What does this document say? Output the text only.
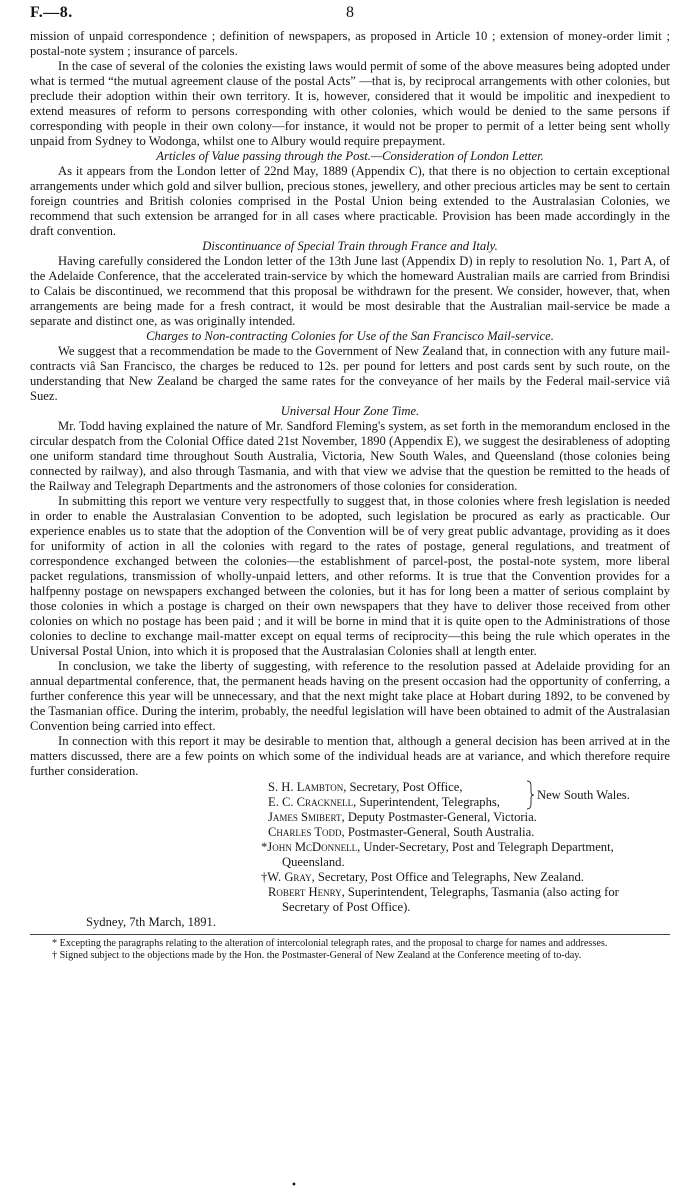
F.—8.	8

mission of unpaid correspondence ; definition of newspapers, as proposed in Article 10 ; extension of money-order limit ; postal-note system ; insurance of parcels.

In the case of several of the colonies the existing laws would permit of some of the above measures being adopted under what is termed “the mutual agreement clause of the postal Acts” —that is, by reciprocal arrangements with other colonies, but preclude their adoption within their own territory. It is, however, considered that it would be impolitic and inexpedient to extend measures of reform to persons corresponding with other colonies, which would be denied to the same persons if corresponding with people in their own colony—for instance, it would not be proper to permit of a letter being sent wholly unpaid from Sydney to Wodonga, whilst one to Albury would require prepayment.

Articles of Value passing through the Post.—Consideration of London Letter.

As it appears from the London letter of 22nd May, 1889 (Appendix C), that there is no objection to certain exceptional arrangements under which gold and silver bullion, precious stones, jewellery, and other precious articles may be sent to certain foreign countries and British colonies comprised in the Postal Union being extended to the Australasian Colonies, we recommend that such extension be arranged for in all cases where practicable. Provision has been made accordingly in the draft convention.

Discontinuance of Special Train through France and Italy.

Having carefully considered the London letter of the 13th June last (Appendix D) in reply to resolution No. 1, Part A, of the Adelaide Conference, that the accelerated train-service by which the homeward Australian mails are carried from Brindisi to Calais be discontinued, we recommend that this proposal be withdrawn for the present. We consider, however, that, when arrangements are being made for a fresh contract, it would be most desirable that the Australian mail-service be made a separate and distinct one, as was originally intended.

Charges to Non-contracting Colonies for Use of the San Francisco Mail-service.

We suggest that a recommendation be made to the Government of New Zealand that, in connection with any future mail-contracts viâ San Francisco, the charges be reduced to 12s. per pound for letters and post cards sent by such route, on the understanding that New Zealand be charged the same rates for the conveyance of her mails by the Federal mail-service viâ Suez.

Universal Hour Zone Time.

Mr. Todd having explained the nature of Mr. Sandford Fleming's system, as set forth in the memorandum enclosed in the circular despatch from the Colonial Office dated 21st November, 1890 (Appendix E), we suggest the desirableness of adopting one uniform standard time throughout South Australia, Victoria, New South Wales, and Queensland (those colonies being connected by railway), and also through Tasmania, and with that view we advise that the question be remitted to the heads of the Railway and Telegraph Departments and the astronomers of those colonies for consideration.

In submitting this report we venture very respectfully to suggest that, in those colonies where fresh legislation is needed in order to enable the Australasian Convention to be adopted, such legislation be procured as early as practicable. Our experience enables us to state that the adoption of the Convention will be of very great public advantage, providing as it does for uniformity of action in all the colonies with regard to the rates of postage, general regulations, and treatment of correspondence exchanged between the colonies—the establishment of parcel-post, the postal-note system, more liberal packet regulations, transmission of wholly-unpaid letters, and other reforms. It is true that the Convention provides for a halfpenny postage on newspapers exchanged between the colonies, but it has for long been a matter of serious complaint by those colonies in which a postage is charged on their own newspapers that they have to deliver those received from other colonies on which no postage has been paid ; and it will be borne in mind that it is quite open to the Administrations of those colonies to decline to exchange mail-matter except on equal terms of reciprocity—this being the rule which operates in the Universal Postal Union, into which it is proposed that the Australasian Colonies shall at length enter.

In conclusion, we take the liberty of suggesting, with reference to the resolution passed at Adelaide providing for an annual departmental conference, that, the permanent heads having on the present occasion had the opportunity of conferring, a further conference this year will be unnecessary, and that the next might take place at Hobart during 1892, to be convened by the Tasmanian office. During the interim, probably, the needful legislation will have been obtained to admit of the Australasian Convention being carried into effect.

In connection with this report it may be desirable to mention that, although a general decision has been arrived at in the matters discussed, there are a few points on which some of the individual heads are at variance, and which therefore require further consideration.

S. H. Lambton, Secretary, Post Office,

E. C. Cracknell, Superintendent, Telegraphs,	New South Wales.

James Smibert, Deputy Postmaster-General, Victoria.

Charles Todd, Postmaster-General, South Australia.

*John McDonnell, Under-Secretary, Post and Telegraph Department,

Queensland.

†W. Gray, Secretary, Post Office and Telegraphs, New Zealand.

Robert Henry, Superintendent, Telegraphs, Tasmania (also acting for

Secretary of Post Office).

Sydney, 7th March, 1891.

* Excepting the paragraphs relating to the alteration of intercolonial telegraph rates, and the proposal to charge for names and addresses.

† Signed subject to the objections made by the Hon. the Postmaster-General of New Zealand at the Conference meeting of to-day.

•
